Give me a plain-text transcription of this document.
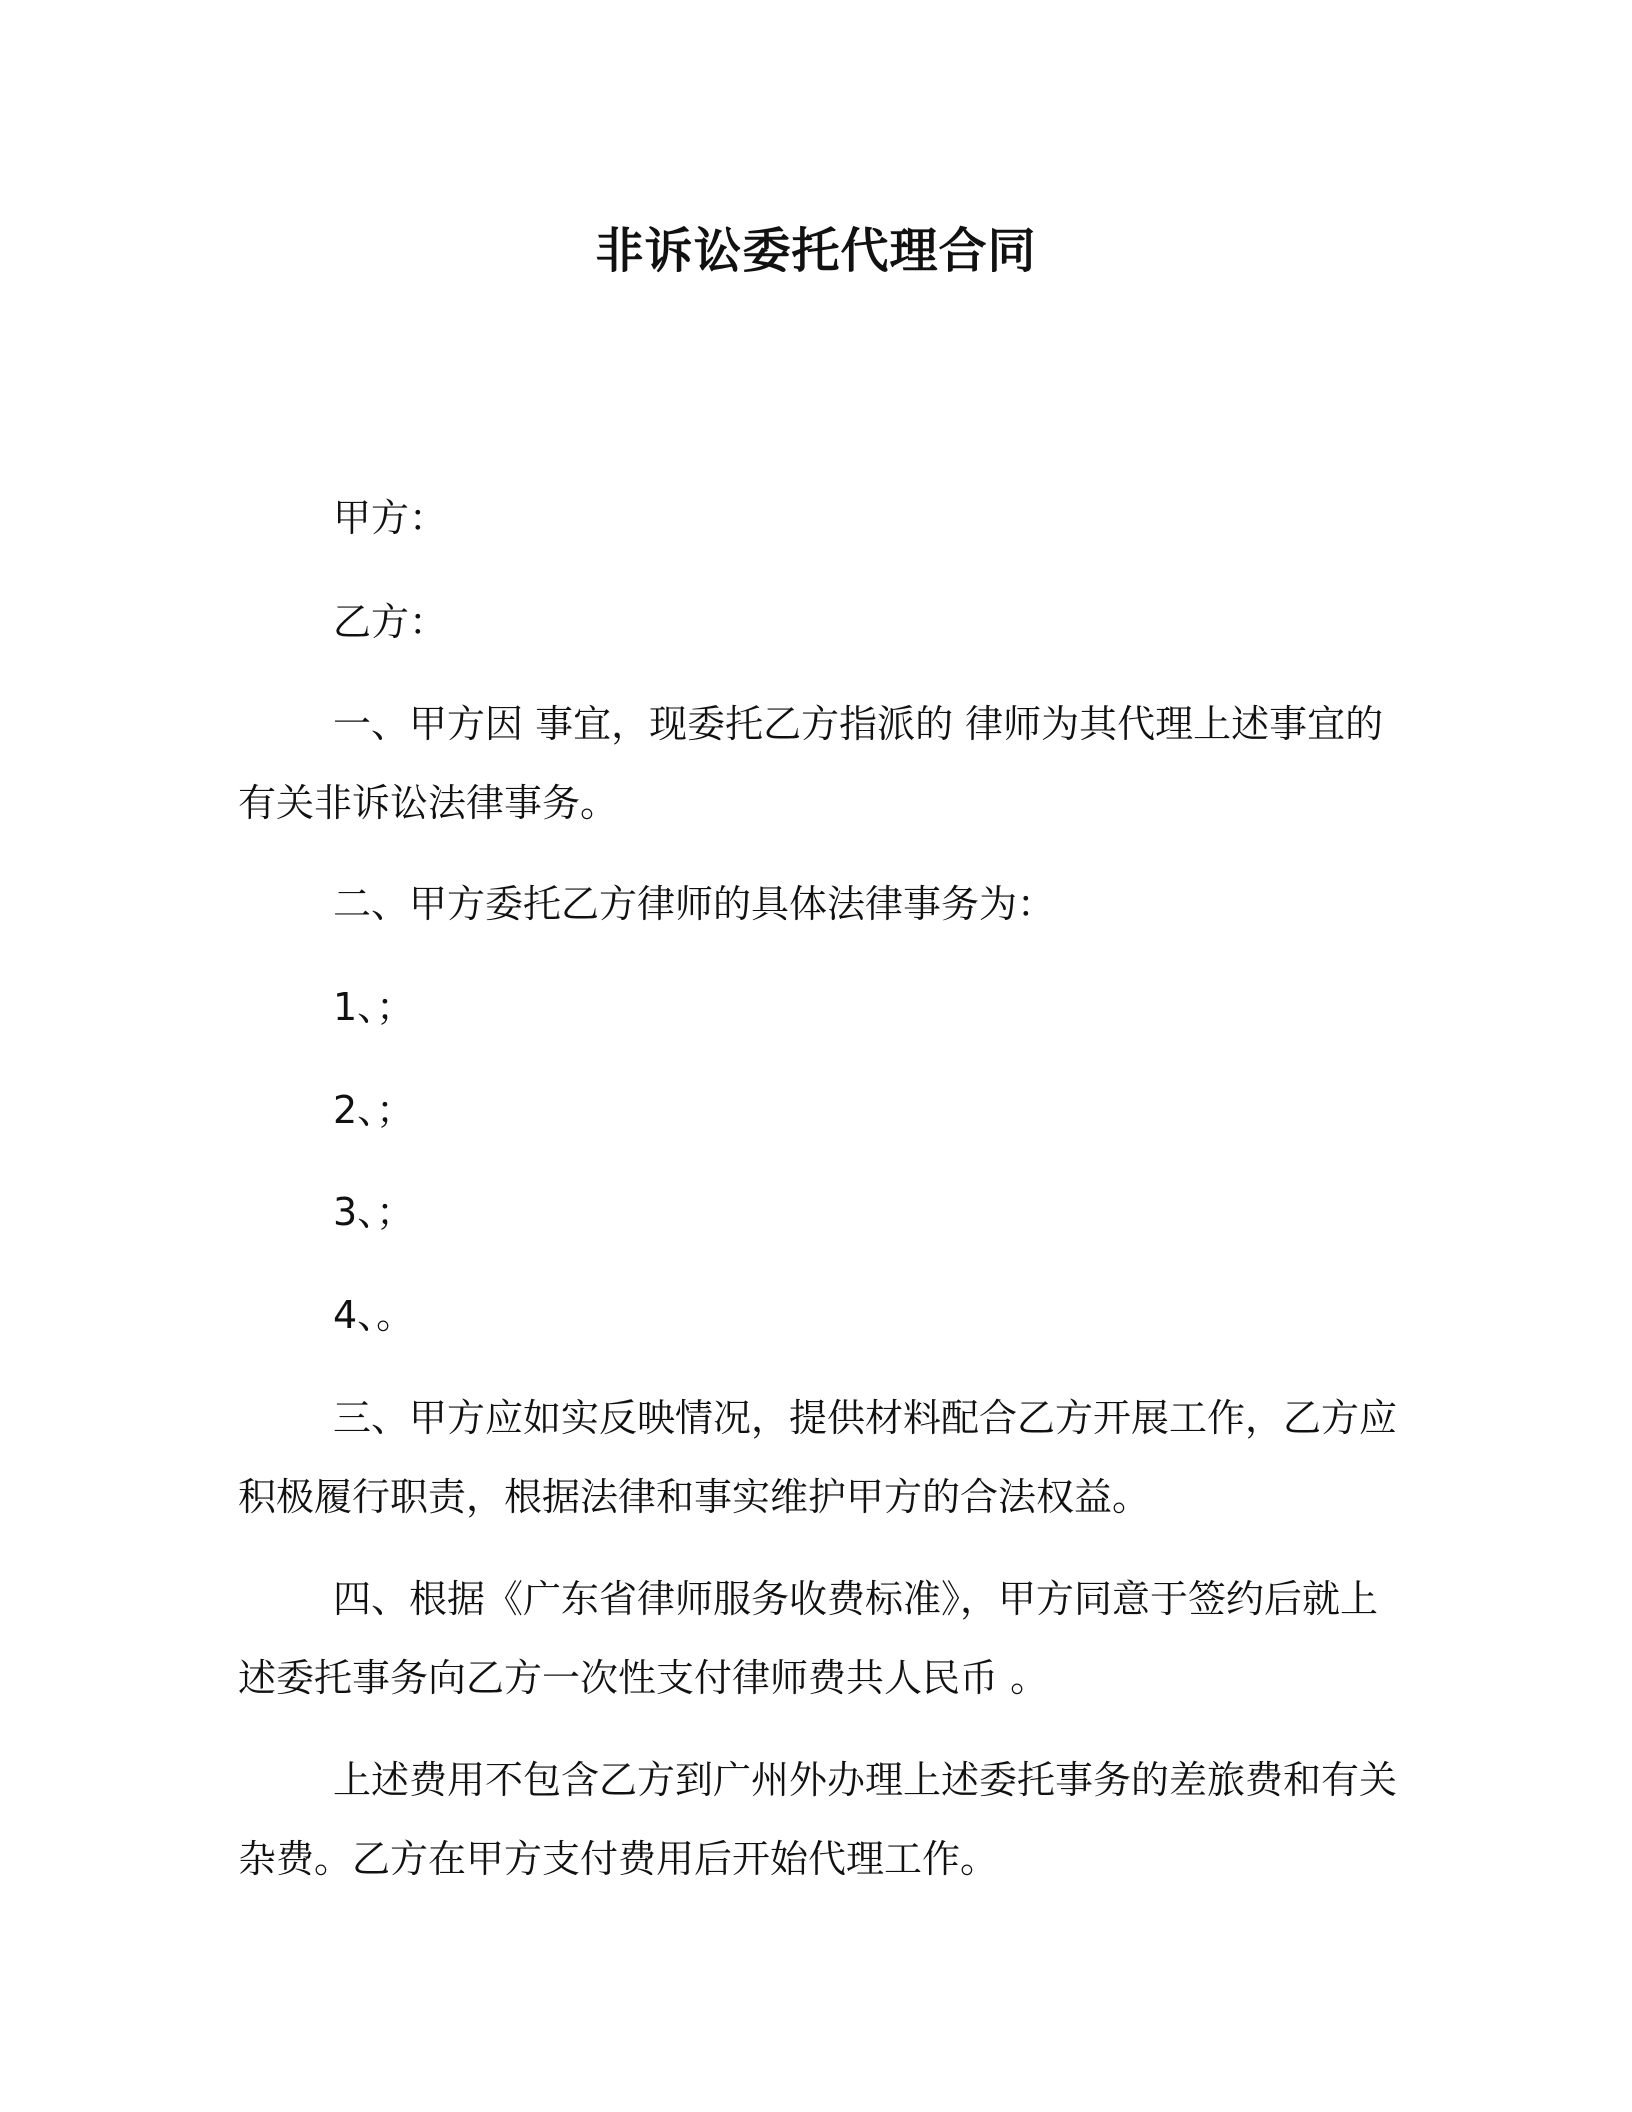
非诉讼委托代理合同
甲方：
乙方：
一、甲方因 事宜，现委托乙方指派的 律师为其代理上述事宜的
有关非诉讼法律事务。
二、甲方委托乙方律师的具体法律事务为：
1、；
2、；
3、；
4、。
三、甲方应如实反映情况，提供材料配合乙方开展工作，乙方应
积极履行职责，根据法律和事实维护甲方的合法权益。
四、根据《广东省律师服务收费标准》，甲方同意于签约后就上
述委托事务向乙方一次性支付律师费共人民币 。
上述费用不包含乙方到广州外办理上述委托事务的差旅费和有关
杂费。乙方在甲方支付费用后开始代理工作。
